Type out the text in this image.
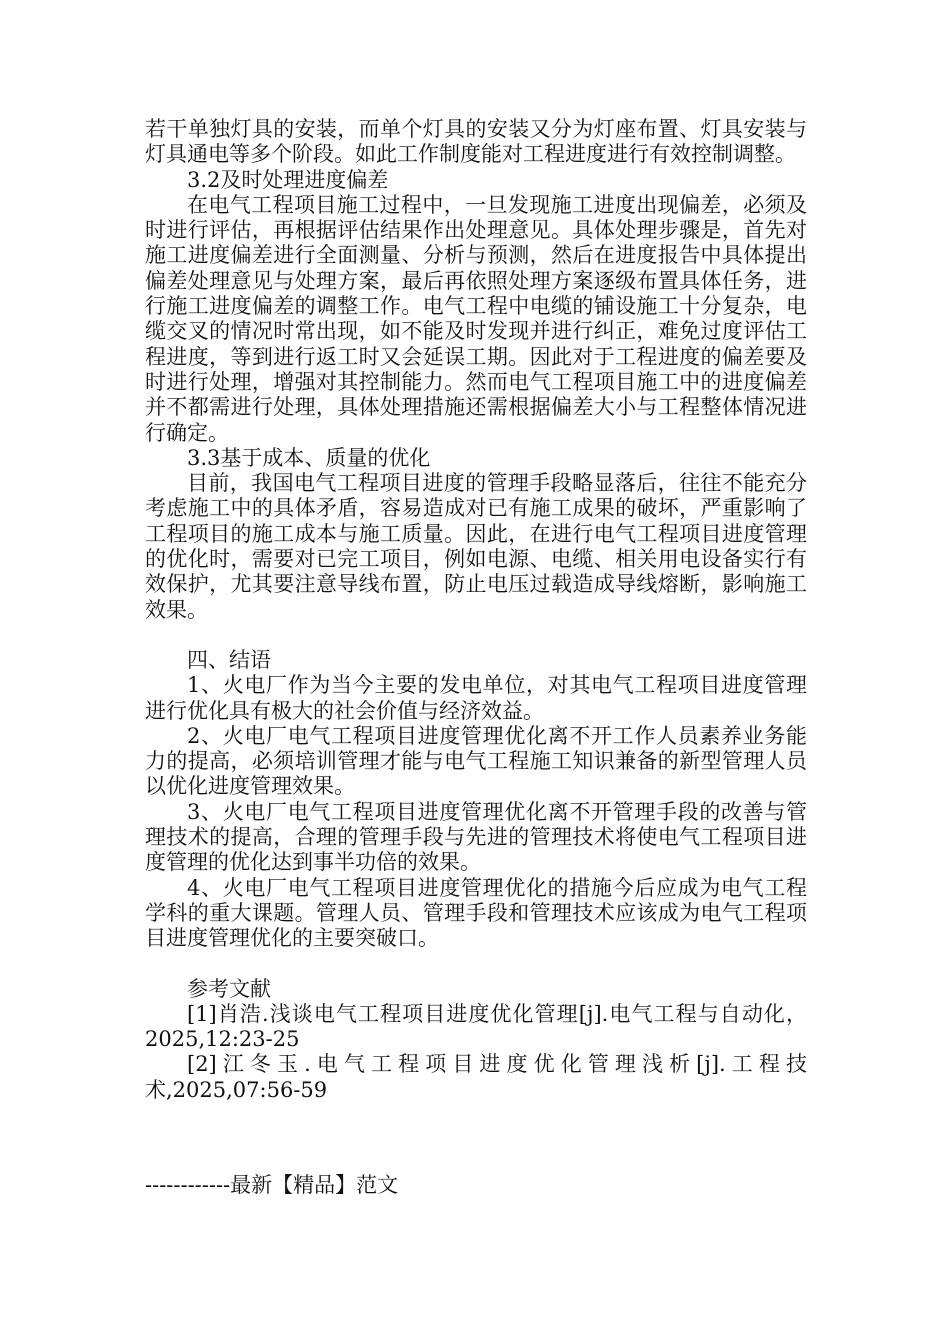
若干单独灯具的安装，而单个灯具的安装又分为灯座布置、灯具安装与灯具通电等多个阶段。如此工作制度能对工程进度进行有效控制调整。

3.2及时处理进度偏差

在电气工程项目施工过程中，一旦发现施工进度出现偏差，必须及时进行评估，再根据评估结果作出处理意见。具体处理步骤是，首先对施工进度偏差进行全面测量、分析与预测，然后在进度报告中具体提出偏差处理意见与处理方案，最后再依照处理方案逐级布置具体任务，进行施工进度偏差的调整工作。电气工程中电缆的铺设施工十分复杂，电缆交叉的情况时常出现，如不能及时发现并进行纠正，难免过度评估工程进度，等到进行返工时又会延误工期。因此对于工程进度的偏差要及时进行处理，增强对其控制能力。然而电气工程项目施工中的进度偏差并不都需进行处理，具体处理措施还需根据偏差大小与工程整体情况进行确定。

3.3基于成本、质量的优化

目前，我国电气工程项目进度的管理手段略显落后，往往不能充分考虑施工中的具体矛盾，容易造成对已有施工成果的破坏，严重影响了工程项目的施工成本与施工质量。因此，在进行电气工程项目进度管理的优化时，需要对已完工项目，例如电源、电缆、相关用电设备实行有效保护，尤其要注意导线布置，防止电压过载造成导线熔断，影响施工效果。

四、结语

1、火电厂作为当今主要的发电单位，对其电气工程项目进度管理进行优化具有极大的社会价值与经济效益。

2、火电厂电气工程项目进度管理优化离不开工作人员素养业务能力的提高，必须培训管理才能与电气工程施工知识兼备的新型管理人员以优化进度管理效果。

3、火电厂电气工程项目进度管理优化离不开管理手段的改善与管理技术的提高，合理的管理手段与先进的管理技术将使电气工程项目进度管理的优化达到事半功倍的效果。

4、火电厂电气工程项目进度管理优化的措施今后应成为电气工程学科的重大课题。管理人员、管理手段和管理技术应该成为电气工程项目进度管理优化的主要突破口。

参考文献

[1]肖浩.浅谈电气工程项目进度优化管理[j].电气工程与自动化，2025,12:23-25

[2]江冬玉.电气工程项目进度优化管理浅析[j].工程技术,2025,07:56-59

------------最新【精品】范文
